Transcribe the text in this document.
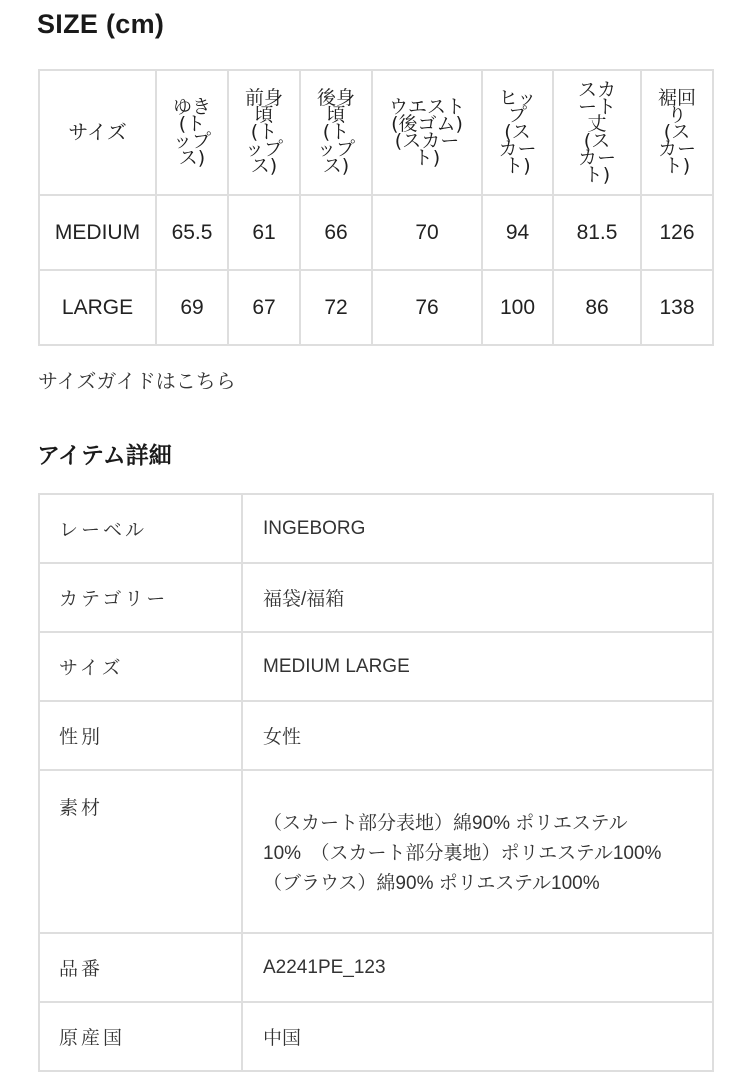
SIZE (cm)
サイズ	ゆき(トップス)	前身頃(トップス)	後身頃(トップス)	ウエスト(後ゴム)(スカート)	ヒップ(スカート)	スカート丈(スカート)	裾回り(スカート)
MEDIUM	65.5	61	66	70	94	81.5	126
LARGE	69	67	72	76	100	86	138
サイズガイドはこちら
アイテム詳細
レーベル	INGEBORG
カテゴリー	福袋/福箱
サイズ	MEDIUM LARGE
性別	女性
素材	（スカート部分表地）綿90% ポリエステル10%　（スカート部分裏地）ポリエステル100%　（ブラウス）綿90% ポリエステル100%
品番	A2241PE_123
原産国	中国
